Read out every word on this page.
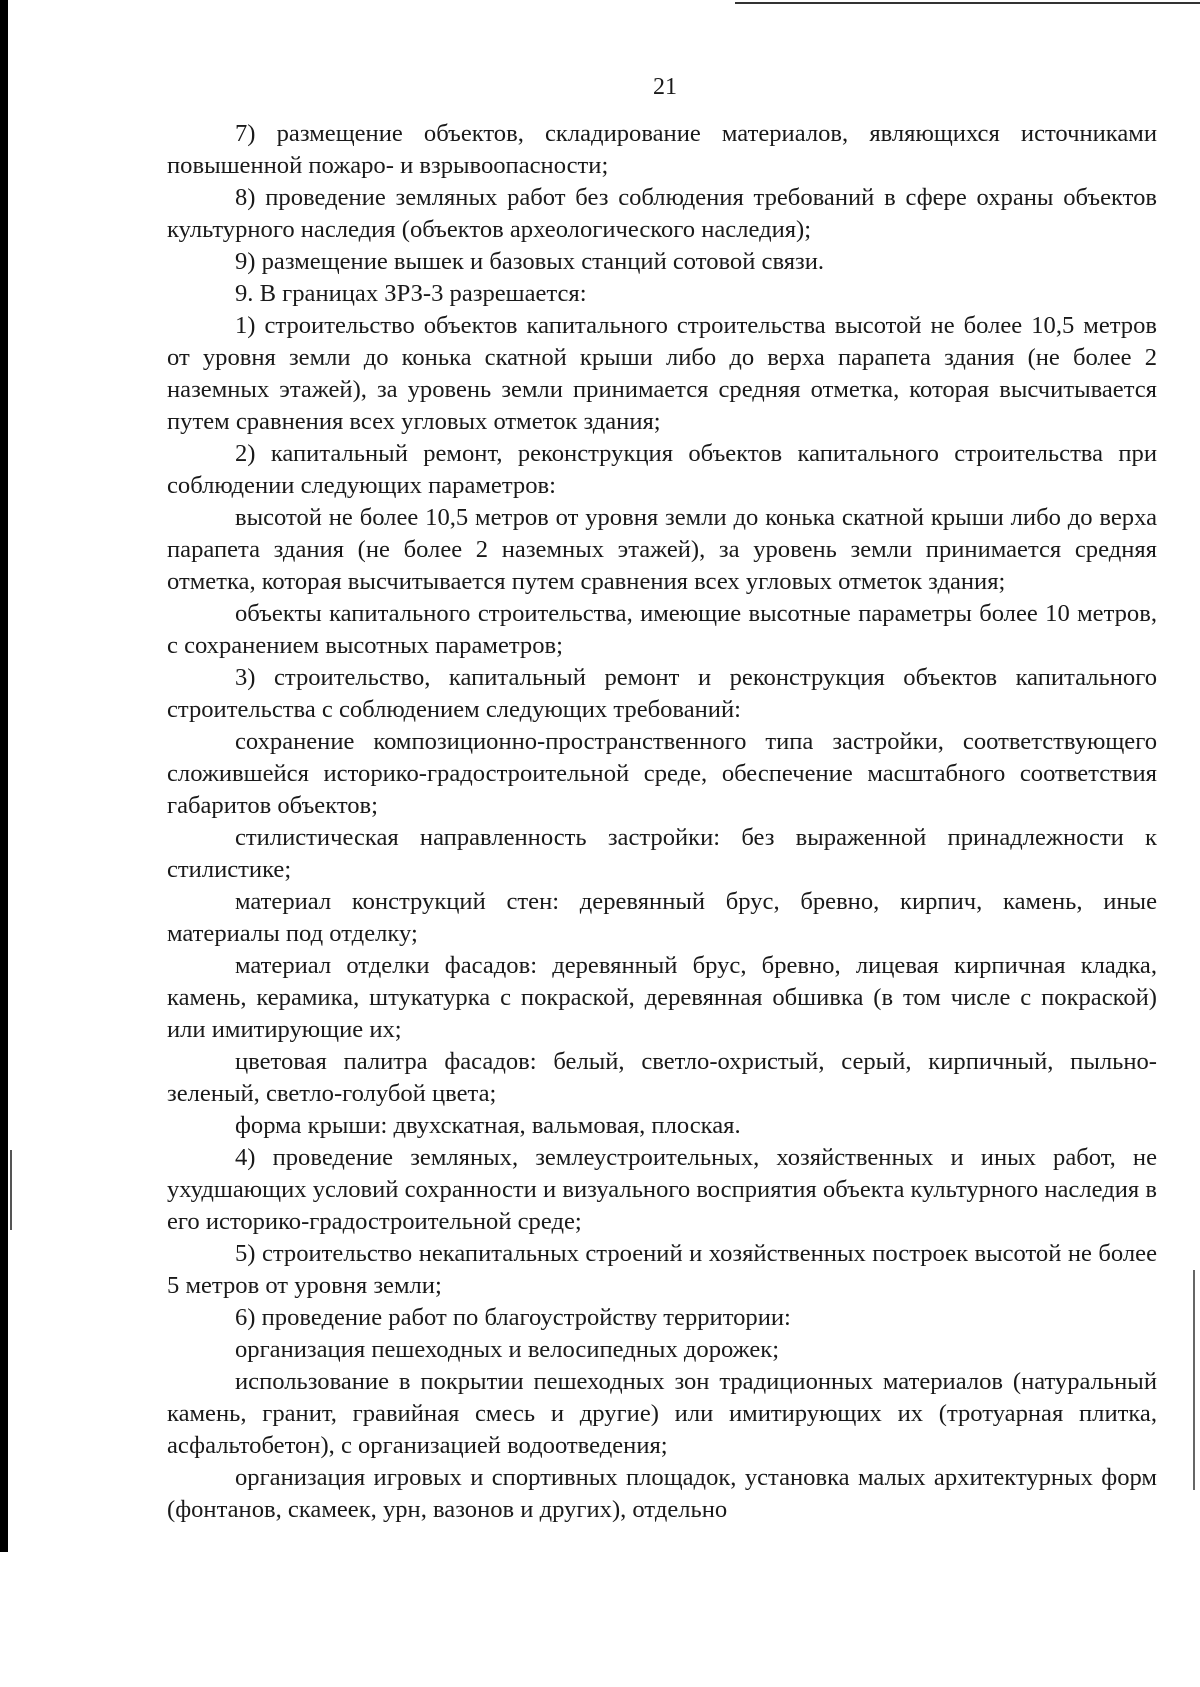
21

7) размещение объектов, складирование материалов, являющихся источниками повышенной пожаро- и взрывоопасности;

8) проведение земляных работ без соблюдения требований в сфере охраны объектов культурного наследия (объектов археологического наследия);

9) размещение вышек и базовых станций сотовой связи.

9. В границах ЗРЗ-3 разрешается:

1) строительство объектов капитального строительства высотой не более 10,5 метров от уровня земли до конька скатной крыши либо до верха парапета здания (не более 2 наземных этажей), за уровень земли принимается средняя отметка, которая высчитывается путем сравнения всех угловых отметок здания;

2) капитальный ремонт, реконструкция объектов капитального строительства при соблюдении следующих параметров:

высотой не более 10,5 метров от уровня земли до конька скатной крыши либо до верха парапета здания (не более 2 наземных этажей), за уровень земли принимается средняя отметка, которая высчитывается путем сравнения всех угловых отметок здания;

объекты капитального строительства, имеющие высотные параметры более 10 метров, с сохранением высотных параметров;

3) строительство, капитальный ремонт и реконструкция объектов капитального строительства с соблюдением следующих требований:

сохранение композиционно-пространственного типа застройки, соответствующего сложившейся историко-градостроительной среде, обеспечение масштабного соответствия габаритов объектов;

стилистическая направленность застройки: без выраженной принадлежности к стилистике;

материал конструкций стен: деревянный брус, бревно, кирпич, камень, иные материалы под отделку;

материал отделки фасадов: деревянный брус, бревно, лицевая кирпичная кладка, камень, керамика, штукатурка с покраской, деревянная обшивка (в том числе с покраской) или имитирующие их;

цветовая палитра фасадов: белый, светло-охристый, серый, кирпичный, пыльно-зеленый, светло-голубой цвета;

форма крыши: двухскатная, вальмовая, плоская.

4) проведение земляных, землеустроительных, хозяйственных и иных работ, не ухудшающих условий сохранности и визуального восприятия объекта культурного наследия в его историко-градостроительной среде;

5) строительство некапитальных строений и хозяйственных построек высотой не более 5 метров от уровня земли;

6) проведение работ по благоустройству территории:

организация пешеходных и велосипедных дорожек;

использование в покрытии пешеходных зон традиционных материалов (натуральный камень, гранит, гравийная смесь и другие) или имитирующих их (тротуарная плитка, асфальтобетон), с организацией водоотведения;

организация игровых и спортивных площадок, установка малых архитектурных форм (фонтанов, скамеек, урн, вазонов и других), отдельно
